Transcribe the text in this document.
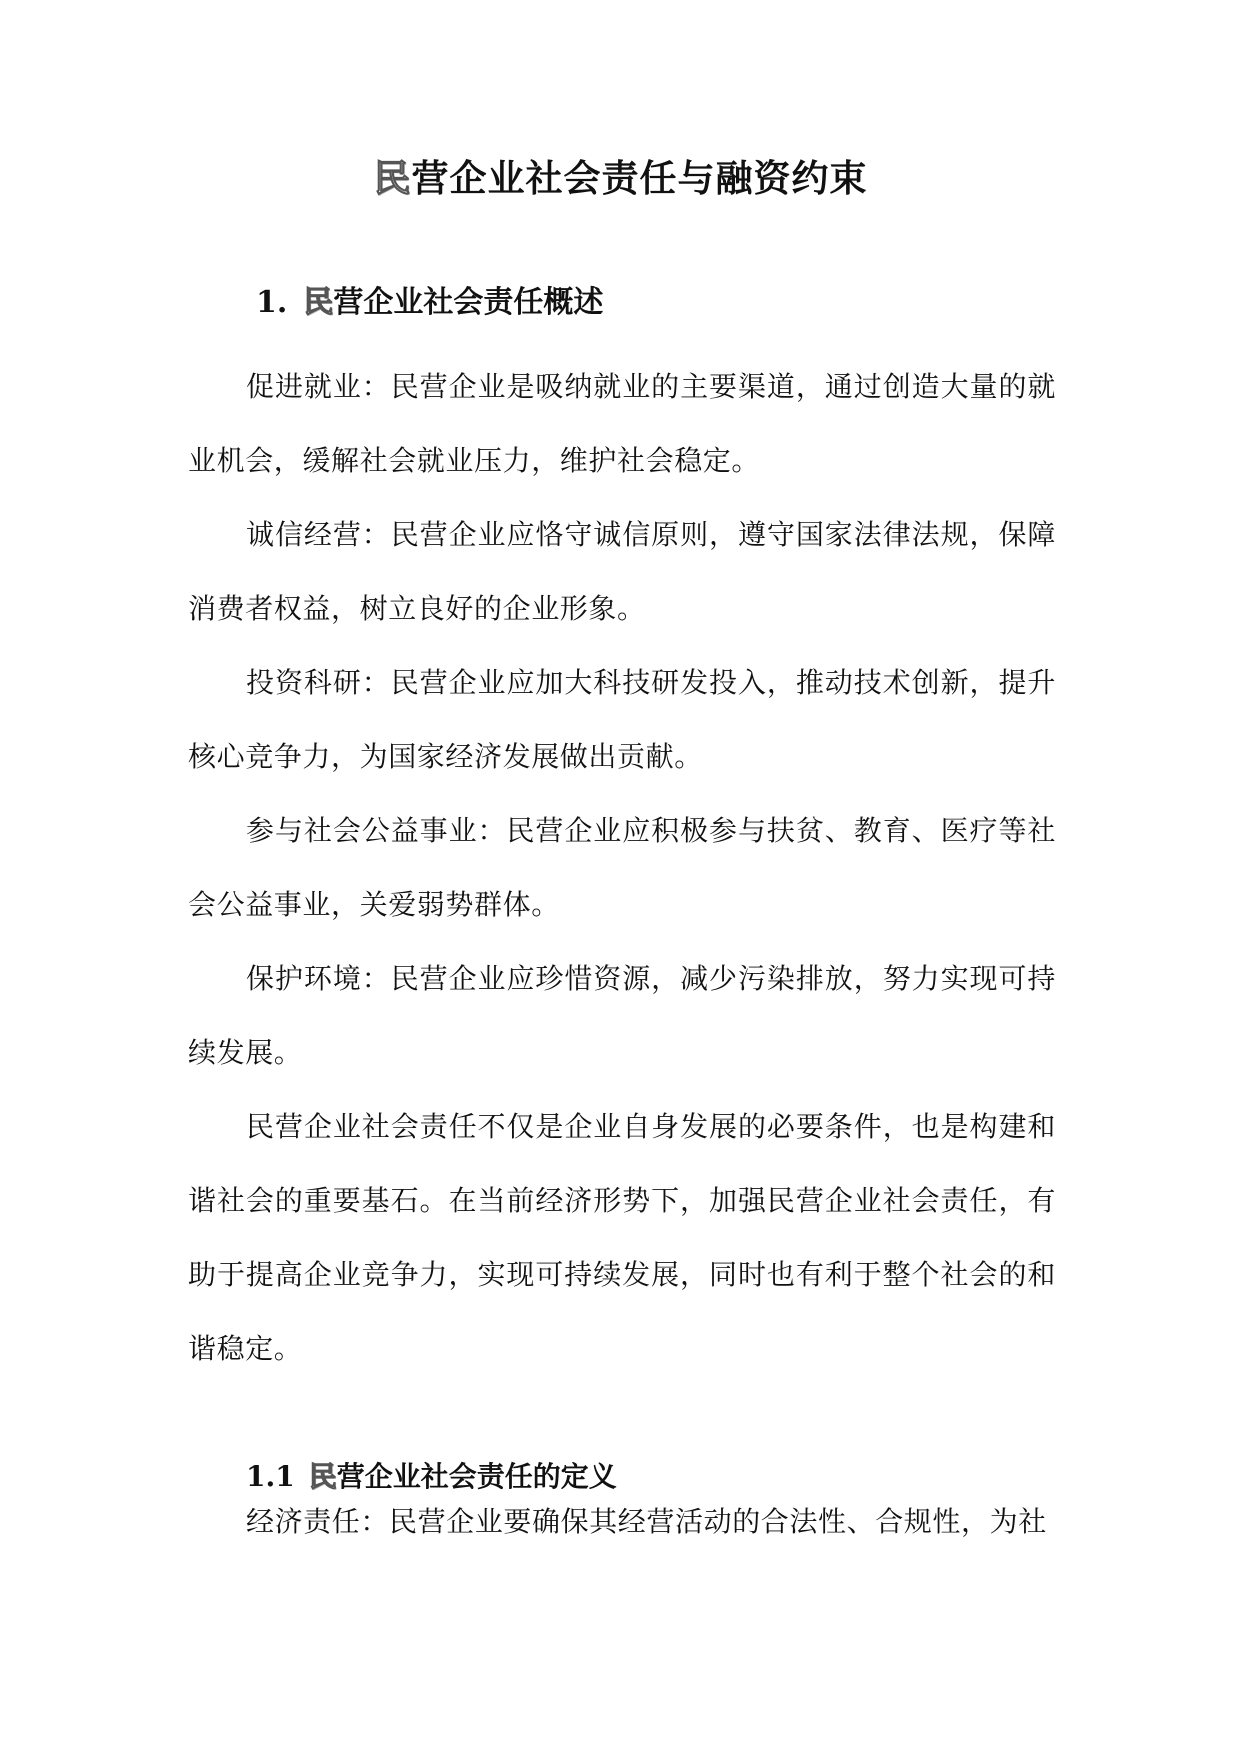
民营企业社会责任与融资约束
1. 民营企业社会责任概述

促进就业：民营企业是吸纳就业的主要渠道，通过创造大量的就业机会，缓解社会就业压力，维护社会稳定。

诚信经营：民营企业应恪守诚信原则，遵守国家法律法规，保障消费者权益，树立良好的企业形象。

投资科研：民营企业应加大科技研发投入，推动技术创新，提升核心竞争力，为国家经济发展做出贡献。

参与社会公益事业：民营企业应积极参与扶贫、教育、医疗等社会公益事业，关爱弱势群体。

保护环境：民营企业应珍惜资源，减少污染排放，努力实现可持续发展。

民营企业社会责任不仅是企业自身发展的必要条件，也是构建和谐社会的重要基石。在当前经济形势下，加强民营企业社会责任，有助于提高企业竞争力，实现可持续发展，同时也有利于整个社会的和谐稳定。

1.1 民营企业社会责任的定义

经济责任：民营企业要确保其经营活动的合法性、合规性，为社
